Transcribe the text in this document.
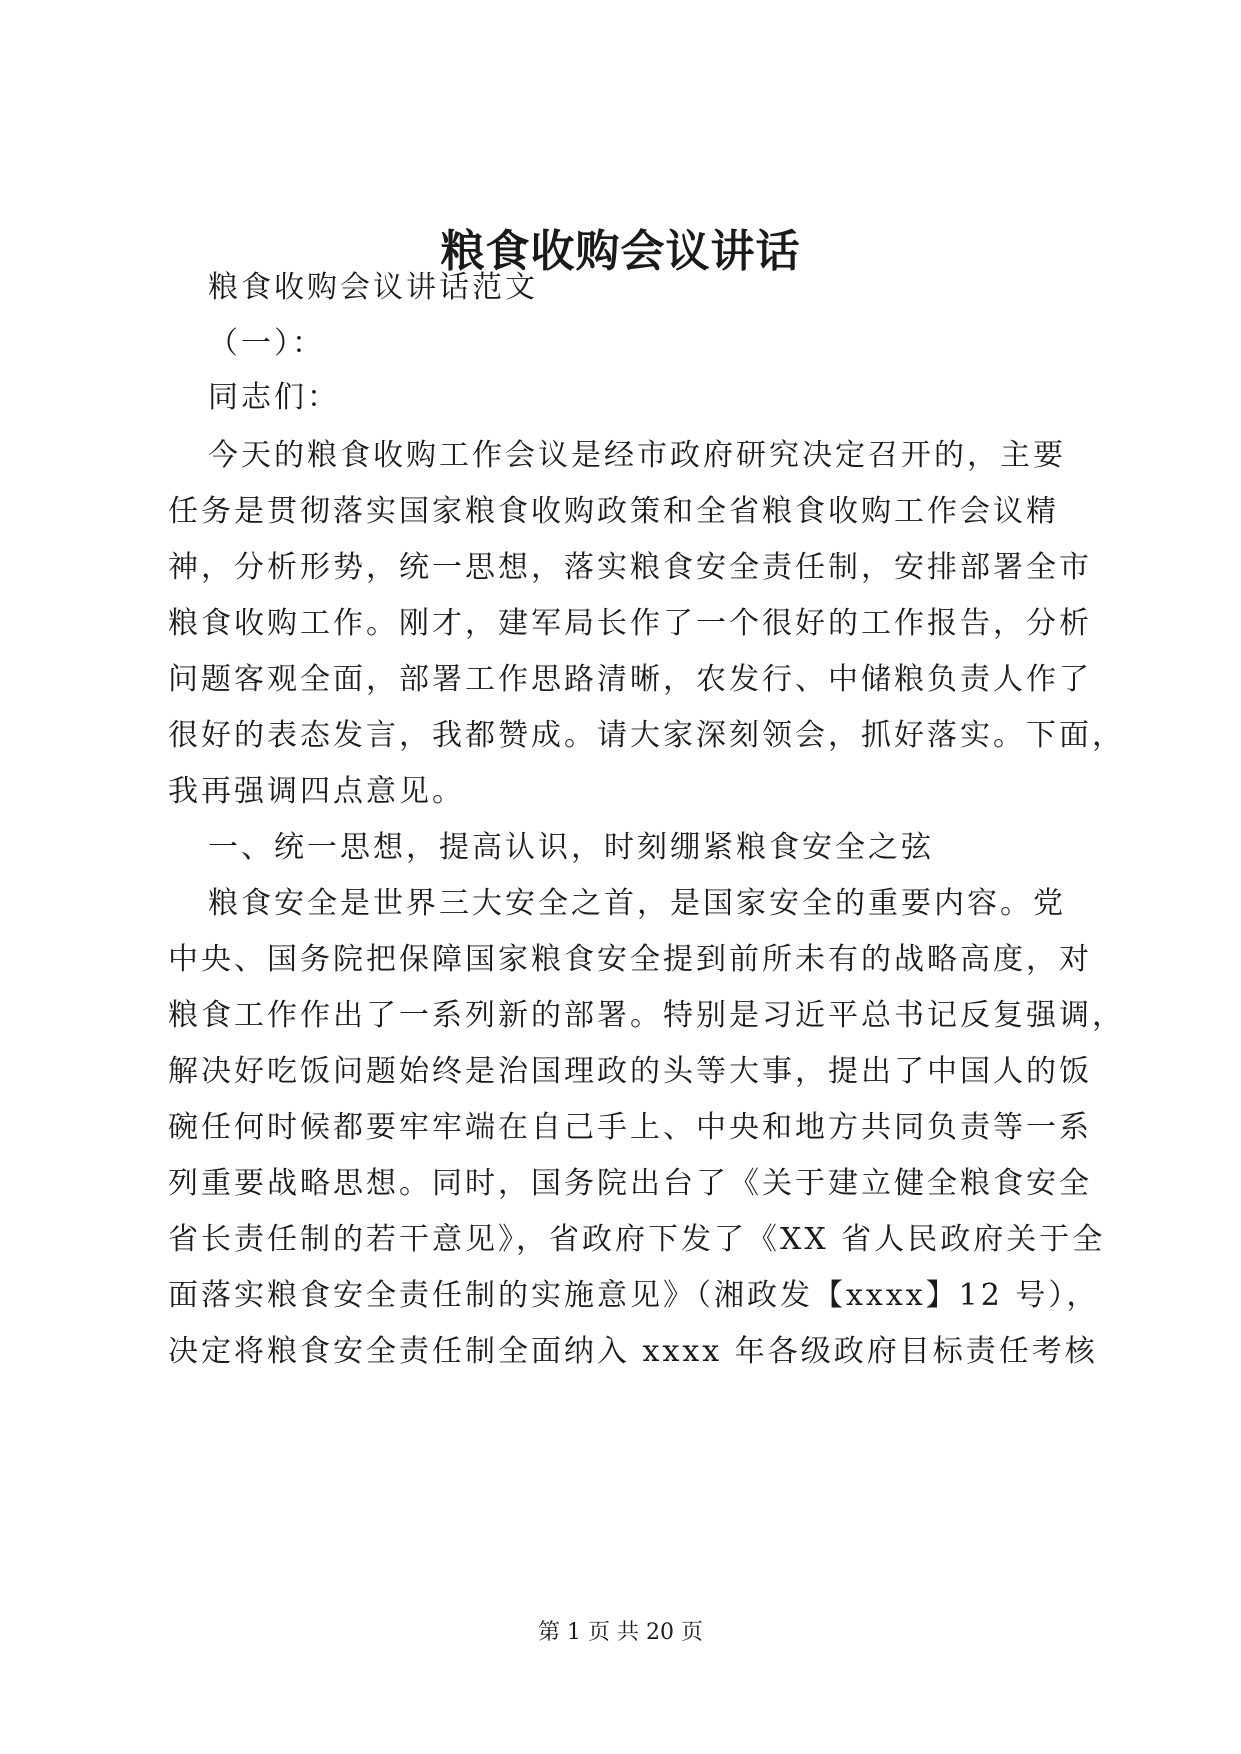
粮食收购会议讲话

粮食收购会议讲话范文

（一）：

同志们：

今天的粮食收购工作会议是经市政府研究决定召开的，主要

任务是贯彻落实国家粮食收购政策和全省粮食收购工作会议精

神，分析形势，统一思想，落实粮食安全责任制，安排部署全市

粮食收购工作。刚才，建军局长作了一个很好的工作报告，分析

问题客观全面，部署工作思路清晰，农发行、中储粮负责人作了

很好的表态发言，我都赞成。请大家深刻领会，抓好落实。下面，

我再强调四点意见。

一、统一思想，提高认识，时刻绷紧粮食安全之弦

粮食安全是世界三大安全之首，是国家安全的重要内容。党

中央、国务院把保障国家粮食安全提到前所未有的战略高度，对

粮食工作作出了一系列新的部署。特别是习近平总书记反复强调，

解决好吃饭问题始终是治国理政的头等大事，提出了中国人的饭

碗任何时候都要牢牢端在自己手上、中央和地方共同负责等一系

列重要战略思想。同时，国务院出台了《关于建立健全粮食安全

省长责任制的若干意见》，省政府下发了《XX 省人民政府关于全

面落实粮食安全责任制的实施意见》（湘政发【xxxx】12 号），

决定将粮食安全责任制全面纳入 xxxx 年各级政府目标责任考核

第 1 页 共 20 页
